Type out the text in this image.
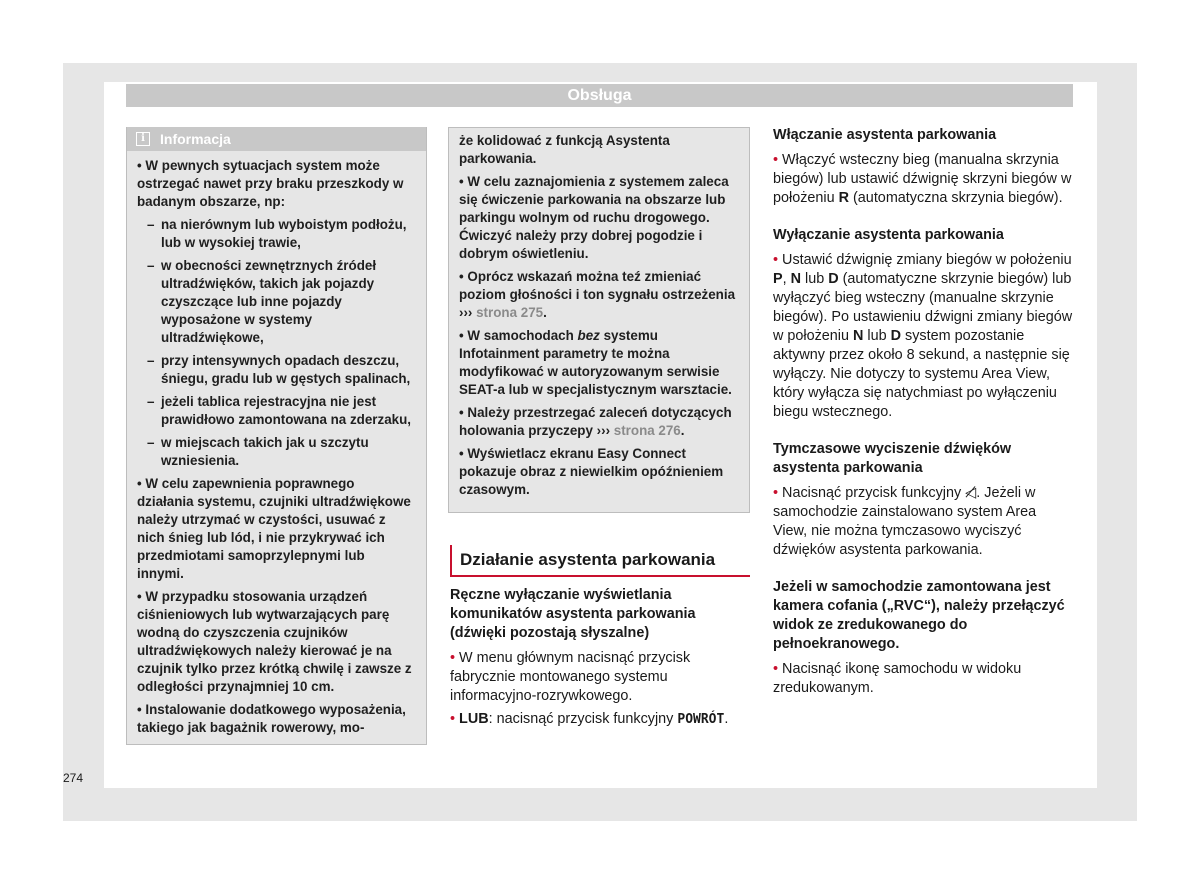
Obsługa
i	Informacja

• W pewnych sytuacjach system może ostrzegać nawet przy braku przeszkody w badanym obszarze, np:

– na nierównym lub wyboistym podłożu, lub w wysokiej trawie,
– w obecności zewnętrznych źródeł ultradźwięków, takich jak pojazdy czyszczące lub inne pojazdy wyposażone w systemy ultradźwiękowe,
– przy intensywnych opadach deszczu, śniegu, gradu lub w gęstych spalinach,
– jeżeli tablica rejestracyjna nie jest prawidłowo zamontowana na zderzaku,
– w miejscach takich jak u szczytu wzniesienia.

• W celu zapewnienia poprawnego działania systemu, czujniki ultradźwiękowe należy utrzymać w czystości, usuwać z nich śnieg lub lód, i nie przykrywać ich przedmiotami samoprzylepnymi lub innymi.

• W przypadku stosowania urządzeń ciśnieniowych lub wytwarzających parę wodną do czyszczenia czujników ultradźwiękowych należy kierować je na czujnik tylko przez krótką chwilę i zawsze z odległości przynajmniej 10 cm.

• Instalowanie dodatkowego wyposażenia, takiego jak bagażnik rowerowy, mo-

że kolidować z funkcją Asystenta parkowania.

• W celu zaznajomienia z systemem zaleca się ćwiczenie parkowania na obszarze lub parkingu wolnym od ruchu drogowego. Ćwiczyć należy przy dobrej pogodzie i dobrym oświetleniu.

• Oprócz wskazań można teź zmieniać poziom głośności i ton sygnału ostrzeżenia ››› strona 275.

• W samochodach bez systemu Infotainment parametry te można modyfikować w autoryzowanym serwisie SEAT-a lub w specjalistycznym warsztacie.

• Należy przestrzegać zaleceń dotyczących holowania przyczepy ››› strona 276.

• Wyświetlacz ekranu Easy Connect pokazuje obraz z niewielkim opóźnieniem czasowym.

Działanie asystenta parkowania
Ręczne wyłączanie wyświetlania komunikatów asystenta parkowania (dźwięki pozostają słyszalne)

• W menu głównym nacisnąć przycisk fabrycznie montowanego systemu informacyjno-rozrywkowego.

• LUB: nacisnąć przycisk funkcyjny POWRÓT.

Włączanie asystenta parkowania

• Włączyć wsteczny bieg (manualna skrzynia biegów) lub ustawić dźwignię skrzyni biegów w położeniu R (automatyczna skrzynia biegów).

Wyłączanie asystenta parkowania

• Ustawić dźwignię zmiany biegów w położeniu P, N lub D (automatyczne skrzynie biegów) lub wyłączyć bieg wsteczny (manualne skrzynie biegów). Po ustawieniu dźwigni zmiany biegów w położeniu N lub D system pozostanie aktywny przez około 8 sekund, a następnie się wyłączy. Nie dotyczy to systemu Area View, który wyłącza się natychmiast po wyłączeniu biegu wstecznego.

Tymczasowe wyciszenie dźwięków asystenta parkowania

• Nacisnąć przycisk funkcyjny ◁̸. Jeżeli w samochodzie zainstalowano system Area View, nie można tymczasowo wyciszyć dźwięków asystenta parkowania.

Jeżeli w samochodzie zamontowana jest kamera cofania („RVC“), należy przełączyć widok ze zredukowanego do pełnoekranowego.

• Nacisnąć ikonę samochodu w widoku zredukowanym.

274
